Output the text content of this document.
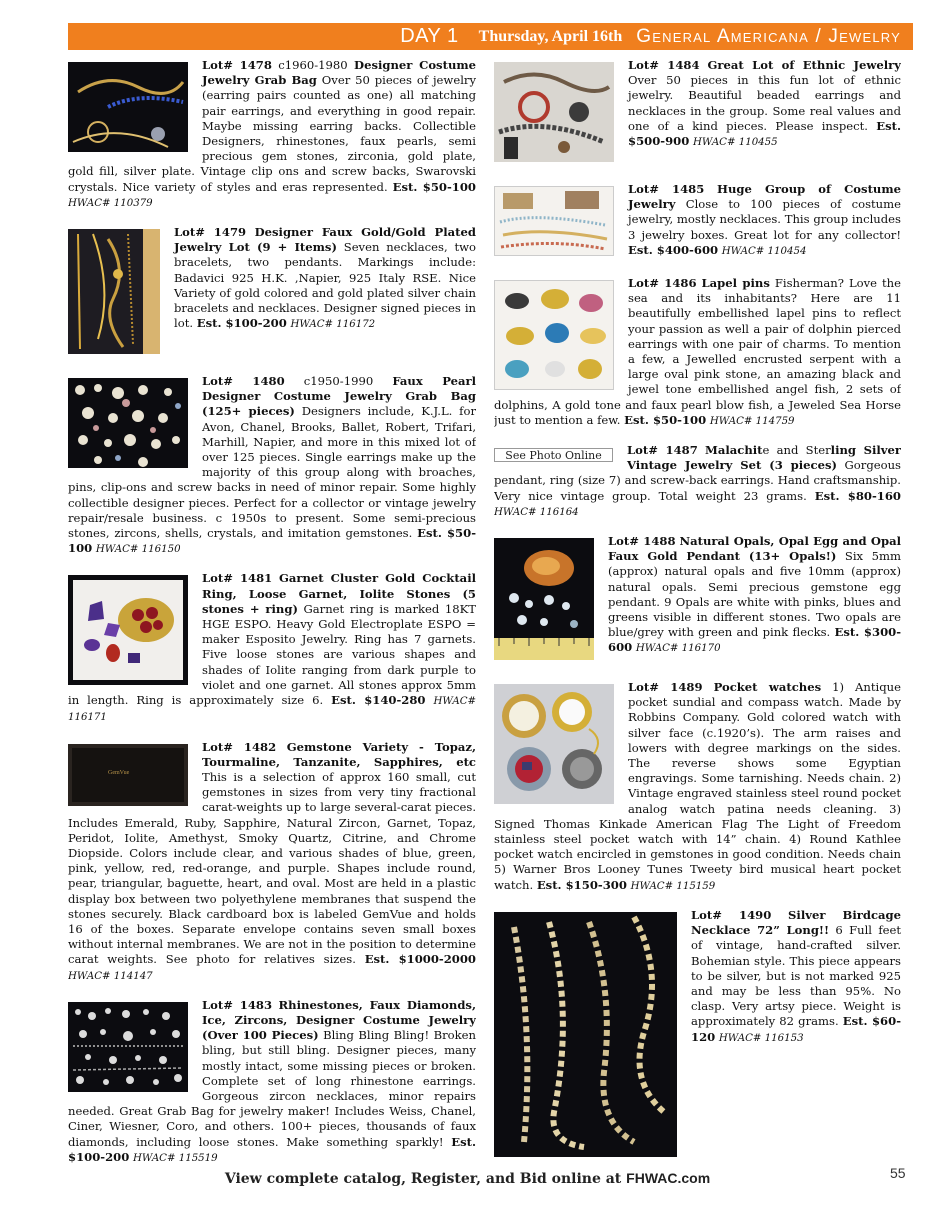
DAY 1 Thursday, April 16th General Americana / Jewelry
Lot# 1478 c1960-1980 Designer Costume Jewelry Grab Bag Over 50 pieces of jewelry (earring pairs counted as one) all matching pair earrings, and everything in good repair. Maybe missing earring backs. Collectible Designers, rhinestones, faux pearls, semi precious gem stones, zirconia, gold plate, gold fill, silver plate. Vintage clip ons and screw backs, Swarovski crystals. Nice variety of styles and eras represented. Est. $50-100 HWAC# 110379
Lot# 1479 Designer Faux Gold/Gold Plated Jewelry Lot (9 + Items) Seven necklaces, two bracelets, two pendants. Markings include: Badavici 925 H.K. ,Napier, 925 Italy RSE. Nice Variety of gold colored and gold plated silver chain bracelets and necklaces. Designer signed pieces in lot. Est. $100-200 HWAC# 116172
Lot# 1480 c1950-1990 Faux Pearl Designer Costume Jewelry Grab Bag (125+ pieces) Designers include, K.J.L. for Avon, Chanel, Brooks, Ballet, Robert, Trifari, Marhill, Napier, and more in this mixed lot of over 125 pieces. Single earrings make up the majority of this group along with broaches, pins, clip-ons and screw backs in need of minor repair. Some highly collectible designer pieces. Perfect for a collector or vintage jewelry repair/resale business. c 1950s to present. Some semi-precious stones, zircons, shells, crystals, and imitation gemstones. Est. $50-100 HWAC# 116150
Lot# 1481 Garnet Cluster Gold Cocktail Ring, Loose Garnet, Iolite Stones (5 stones + ring) Garnet ring is marked 18KT HGE ESPO. Heavy Gold Electroplate ESPO = maker Esposito Jewelry. Ring has 7 garnets. Five loose stones are various shapes and shades of Iolite ranging from dark purple to violet and one garnet. All stones approx 5mm in length. Ring is approximately size 6. Est. $140-280 HWAC# 116171
GemVue
Lot# 1482 Gemstone Variety - Topaz, Tourmaline, Tanzanite, Sapphires, etc This is a selection of approx 160 small, cut gemstones in sizes from very tiny fractional carat-weights up to large several-carat pieces. Includes Emerald, Ruby, Sapphire, Natural Zircon, Garnet, Topaz, Peridot, Iolite, Amethyst, Smoky Quartz, Citrine, and Chrome Diopside. Colors include clear, and various shades of blue, green, pink, yellow, red, red-orange, and purple. Shapes include round, pear, triangular, baguette, heart, and oval. Most are held in a plastic display box between two polyethylene membranes that suspend the stones securely. Black cardboard box is labeled GemVue and holds 16 of the boxes. Separate envelope contains seven small boxes without internal membranes. We are not in the position to determine carat weights. See photo for relatives sizes. Est. $1000-2000 HWAC# 114147
Lot# 1483 Rhinestones, Faux Diamonds, Ice, Zircons, Designer Costume Jewelry (Over 100 Pieces) Bling Bling Bling! Broken bling, but still bling. Designer pieces, many mostly intact, some missing pieces or broken. Complete set of long rhinestone earrings. Gorgeous zircon necklaces, minor repairs needed. Great Grab Bag for jewelry maker! Includes Weiss, Chanel, Ciner, Wiesner, Coro, and others. 100+ pieces, thousands of faux diamonds, including loose stones. Make something sparkly! Est. $100-200 HWAC# 115519
Lot# 1484 Great Lot of Ethnic Jewelry Over 50 pieces in this fun lot of ethnic jewelry. Beautiful beaded earrings and necklaces in the group. Some real values and one of a kind pieces. Please inspect. Est. $500-900 HWAC# 110455
Lot# 1485 Huge Group of Costume Jewelry Close to 100 pieces of costume jewelry, mostly necklaces. This group includes 3 jewelry boxes. Great lot for any collector! Est. $400-600 HWAC# 110454
Lot# 1486 Lapel pins Fisherman? Love the sea and its inhabitants? Here are 11 beautifully embellished lapel pins to reflect your passion as well a pair of dolphin pierced earrings with one pair of charms. To mention a few, a Jewelled encrusted serpent with a large oval pink stone, an amazing black and jewel tone embellished angel fish, 2 sets of dolphins, A gold tone and faux pearl blow fish, a Jeweled Sea Horse just to mention a few. Est. $50-100 HWAC# 114759
See Photo Online	Lot# 1487 Malachite and Sterling Silver Vintage Jewelry Set (3 pieces) Gorgeous pendant, ring (size 7) and screw-back earrings. Hand craftsmanship. Very nice vintage group. Total weight 23 grams. Est. $80-160 HWAC# 116164
Lot# 1488 Natural Opals, Opal Egg and Opal Faux Gold Pendant (13+ Opals!) Six 5mm (approx) natural opals and five 10mm (approx) natural opals. Semi precious gemstone egg pendant. 9 Opals are white with pinks, blues and greens visible in different stones. Two opals are blue/grey with green and pink flecks. Est. $300-600 HWAC# 116170
Lot# 1489 Pocket watches 1) Antique pocket sundial and compass watch. Made by Robbins Company. Gold colored watch with silver face (c.1920’s). The arm raises and lowers with degree markings on the sides. The reverse shows some Egyptian engravings. Some tarnishing. Needs chain. 2) Vintage engraved stainless steel round pocket analog watch patina needs cleaning. 3) Signed Thomas Kinkade American Flag The Light of Freedom stainless steel pocket watch with 14” chain. 4) Round Kathlee pocket watch encircled in gemstones in good condition. Needs chain 5) Warner Bros Looney Tunes Tweety bird musical heart pocket watch. Est. $150-300 HWAC# 115159
Lot# 1490 Silver Birdcage Necklace 72” Long!! 6 Full feet of vintage, hand-crafted silver. Bohemian style. This piece appears to be silver, but is not marked 925 and may be less than 95%. No clasp. Very artsy piece. Weight is approximately 82 grams. Est. $60-120 HWAC# 116153
View complete catalog, Register, and Bid online at FHWAC.com	55
